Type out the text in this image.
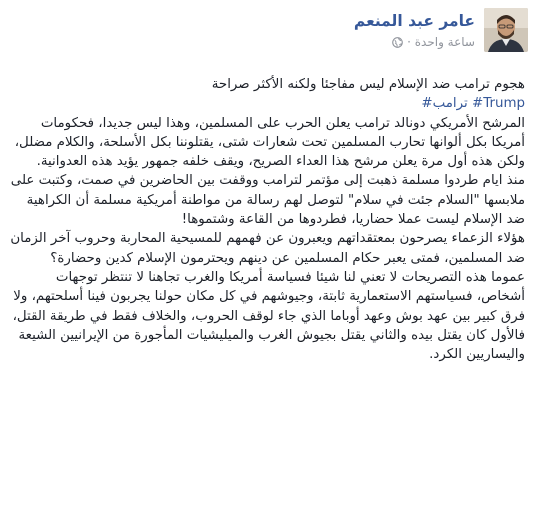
عامر عبد المنعم
ساعة واحدة ·

هجوم ترامب ضد الإسلام ليس مفاجئا ولكنه الأكثر صراحة

#ترامب #Trump

المرشح الأمريكي دونالد ترامب يعلن الحرب على المسلمين، وهذا ليس جديدا، فحكومات أمريكا بكل ألوانها تحارب المسلمين تحت شعارات شتى، يقتلوننا بكل الأسلحة، والكلام مضلل، ولكن هذه أول مرة يعلن مرشح هذا العداء الصريح، ويقف خلفه جمهور يؤيد هذه العدوانية.

منذ ايام طردوا مسلمة ذهبت إلى مؤتمر لترامب ووقفت بين الحاضرين في صمت، وكتبت على ملابسها "السلام جئت في سلام" لتوصل لهم رسالة من مواطنة أمريكية مسلمة أن الكراهية ضد الإسلام ليست عملا حضاريا، فطردوها من القاعة وشتموها!

هؤلاء الزعماء يصرحون بمعتقداتهم ويعبرون عن فهمهم للمسيحية المحاربة وحروب آخر الزمان ضد المسلمين، فمتى يعبر حكام المسلمين عن دينهم ويحترمون الإسلام كدين وحضارة؟

عموما هذه التصريحات لا تعني لنا شيئا فسياسة أمريكا والغرب تجاهنا لا تنتظر توجهات أشخاص، فسياستهم الاستعمارية ثابتة، وجيوشهم في كل مكان حولنا يجربون فينا أسلحتهم، ولا فرق كبير بين عهد بوش وعهد أوباما الذي جاء لوقف الحروب، والخلاف فقط في طريقة القتل، فالأول كان يقتل بيده والثاني يقتل بجيوش الغرب والميليشيات المأجورة من الإيرانيين الشيعة واليساريين الكرد.
